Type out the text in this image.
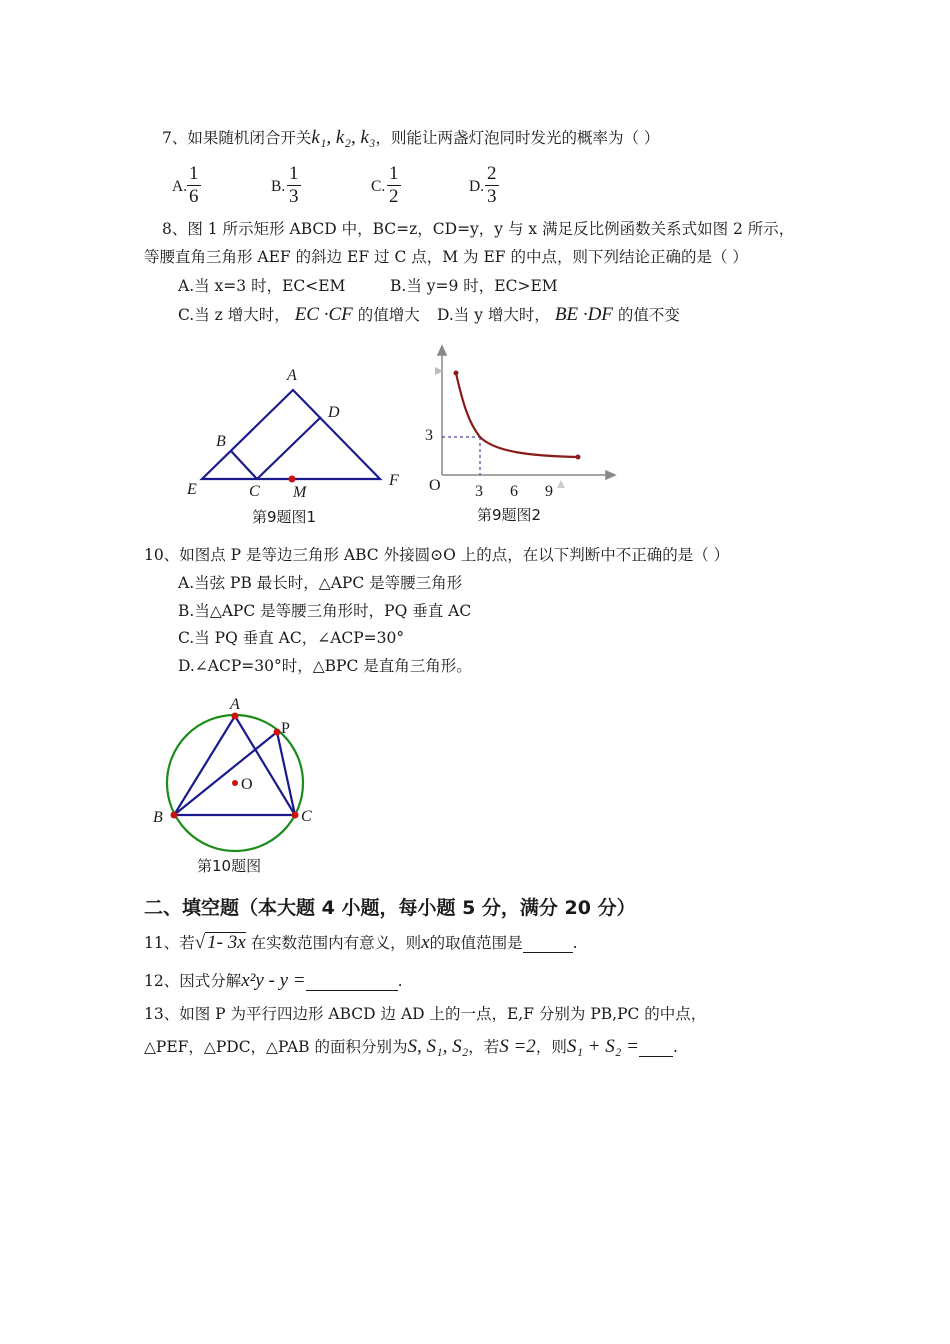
7、如果随机闭合开关k₁, k₂, k₃，则能让两盏灯泡同时发光的概率为（ ）
A. $\frac{1}{6}$	B. $\frac{1}{3}$	C. $\frac{1}{2}$	D. $\frac{2}{3}$
8、图 1 所示矩形 ABCD 中，BC=z，CD=y，y 与 x 满足反比例函数关系式如图 2 所示，
等腰直角三角形 AEF 的斜边 EF 过 C 点，M 为 EF 的中点，则下列结论正确的是（ ）
A.当 x=3 时，EC<EM	B.当 y=9 时，EC>EM
C.当 z 增大时， EC ·CF 的值增大 D.当 y 增大时， BE ·DF 的值不变
A
B
C
D
E
F
M
第9题图1
3
O 3 6 9
第9题图2
10、如图点 P 是等边三角形 ABC 外接圆⊙O 上的点，在以下判断中不正确的是（ ）
A.当弦 PB 最长时，△APC 是等腰三角形
B.当△APC 是等腰三角形时，PQ 垂直 AC
C.当 PQ 垂直 AC，∠ACP=30°
D.∠ACP=30°时，△BPC 是直角三角形。
A
B	C
P
O
第10题图
二、填空题（本大题 4 小题，每小题 5 分，满分 20 分）
11、若√ 1- 3x 在实数范围内有意义，则x的取值范围是	.
12、因式分解x²y - y =	.
13、如图 P 为平行四边形 ABCD 边 AD 上的一点，E,F 分别为 PB,PC 的中点，
△PEF，△PDC，△PAB 的面积分别为S, S₁, S₂，若S =2，则S₁ + S₂ = .
